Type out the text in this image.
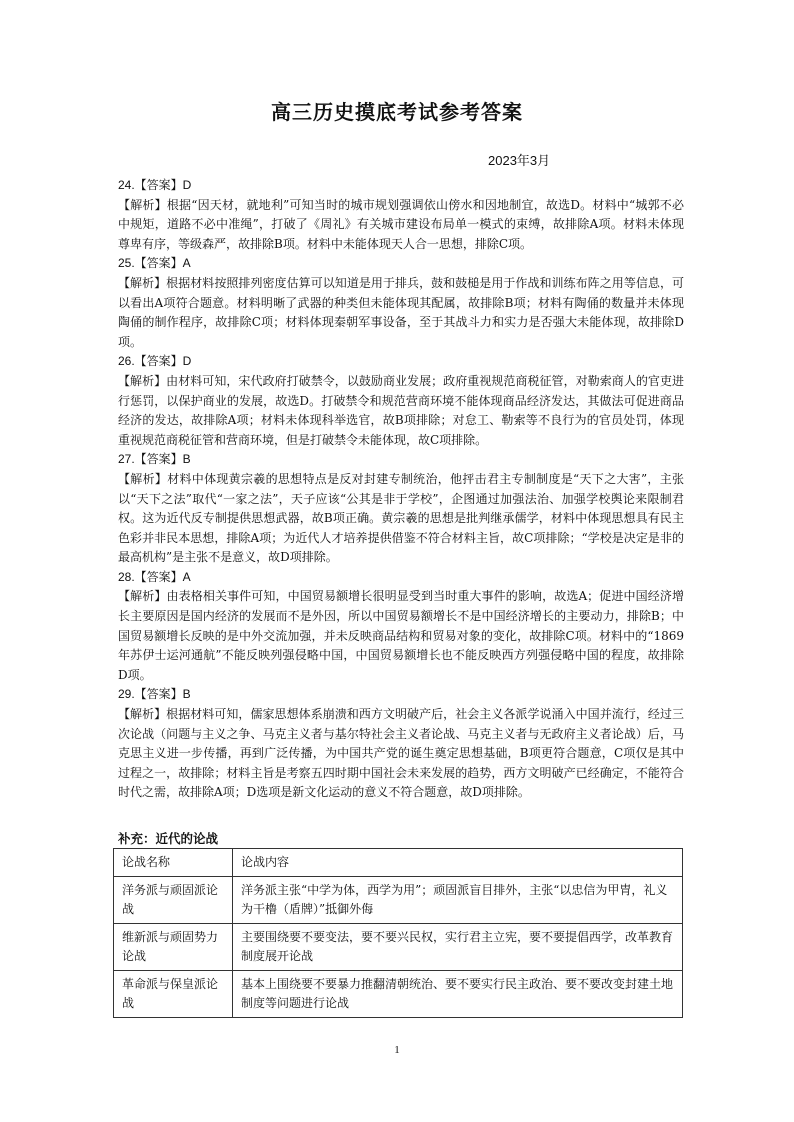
高三历史摸底考试参考答案
2023年3月

24.【答案】D

【解析】根据“因天材，就地利”可知当时的城市规划强调依山傍水和因地制宜，故选D。材料中“城郭不必中规矩，道路不必中准绳”，打破了《周礼》有关城市建设布局单一模式的束缚，故排除A项。材料未体现尊卑有序，等级森严，故排除B项。材料中未能体现天人合一思想，排除C项。

25.【答案】A

【解析】根据材料按照排列密度估算可以知道是用于排兵，鼓和鼓槌是用于作战和训练布阵之用等信息，可以看出A项符合题意。材料明晰了武器的种类但未能体现其配属，故排除B项；材料有陶俑的数量并未体现陶俑的制作程序，故排除C项；材料体现秦朝军事设备，至于其战斗力和实力是否强大未能体现，故排除D项。

26.【答案】D

【解析】由材料可知，宋代政府打破禁令，以鼓励商业发展；政府重视规范商税征管，对勒索商人的官吏进行惩罚，以保护商业的发展，故选D。打破禁令和规范营商环境不能体现商品经济发达，其做法可促进商品经济的发达，故排除A项；材料未体现科举选官，故B项排除；对怠工、勒索等不良行为的官员处罚，体现重视规范商税征管和营商环境，但是打破禁令未能体现，故C项排除。

27.【答案】B

【解析】材料中体现黄宗羲的思想特点是反对封建专制统治，他抨击君主专制制度是“天下之大害”，主张以“天下之法”取代“一家之法”，天子应该“公其是非于学校”，企图通过加强法治、加强学校舆论来限制君权。这为近代反专制提供思想武器，故B项正确。黄宗羲的思想是批判继承儒学，材料中体现思想具有民主色彩并非民本思想，排除A项；为近代人才培养提供借鉴不符合材料主旨，故C项排除；“学校是决定是非的最高机构”是主张不是意义，故D项排除。

28.【答案】A

【解析】由表格相关事件可知，中国贸易额增长很明显受到当时重大事件的影响，故选A；促进中国经济增长主要原因是国内经济的发展而不是外因，所以中国贸易额增长不是中国经济增长的主要动力，排除B；中国贸易额增长反映的是中外交流加强，并未反映商品结构和贸易对象的变化，故排除C项。材料中的“1869年苏伊士运河通航”不能反映列强侵略中国，中国贸易额增长也不能反映西方列强侵略中国的程度，故排除D项。

29.【答案】B

【解析】根据材料可知，儒家思想体系崩溃和西方文明破产后，社会主义各派学说涌入中国并流行，经过三次论战（问题与主义之争、马克主义者与基尔特社会主义者论战、马克主义者与无政府主义者论战）后，马克思主义进一步传播，再到广泛传播，为中国共产党的诞生奠定思想基础，B项更符合题意，C项仅是其中过程之一，故排除；材料主旨是考察五四时期中国社会未来发展的趋势，西方文明破产已经确定，不能符合时代之需，故排除A项；D选项是新文化运动的意义不符合题意，故D项排除。

补充：近代的论战
论战名称	论战内容
洋务派与顽固派论战	洋务派主张“中学为体，西学为用”；顽固派盲目排外，主张“以忠信为甲胄，礼义为干橹（盾牌）”抵御外侮
维新派与顽固势力论战	主要围绕要不要变法，要不要兴民权，实行君主立宪，要不要提倡西学，改革教育制度展开论战
革命派与保皇派论战	基本上围绕要不要暴力推翻清朝统治、要不要实行民主政治、要不要改变封建土地制度等问题进行论战
1
